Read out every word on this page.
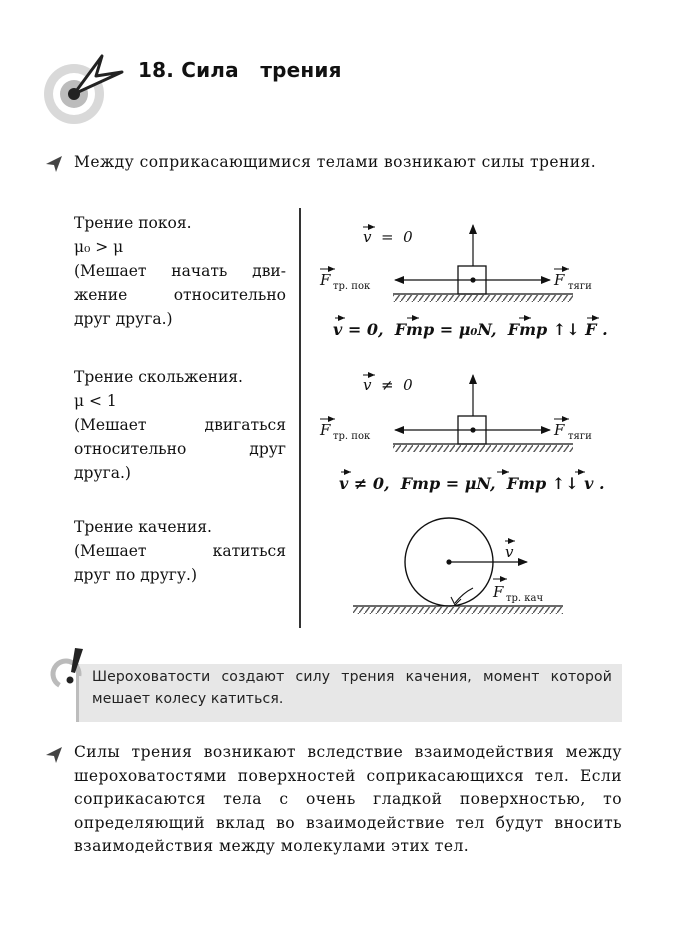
18. Сила   трения
Между соприкасающимися телами возникают силы трения.
Трение покоя.
μ₀ > μ
(Мешает начать дви-
жение относительно
друг друга.)
Трение скольжения.
μ < 1
(Мешает двигаться
относительно друг
друга.)
Трение качения.
(Мешает катиться
друг по другу.)
v  =  0
F тр. пок	F тяги
v = 0,  Fтр = μ₀N,  Fтр ↑↓ F .
v  ≠  0
F тр. пок	F тяги
v ≠ 0,  Fтр = μN,  Fтр ↑↓ v .
v
F тр. кач
Шероховатости создают силу трения качения, момент которой мешает колесу катиться.
Силы трения возникают вследствие взаимодействия между шероховатостями поверхностей соприкасающихся тел. Если соприкасаются тела с очень гладкой поверхностью, то определяющий вклад во взаимодействие тел будут вносить взаимодействия между молекулами этих тел.
